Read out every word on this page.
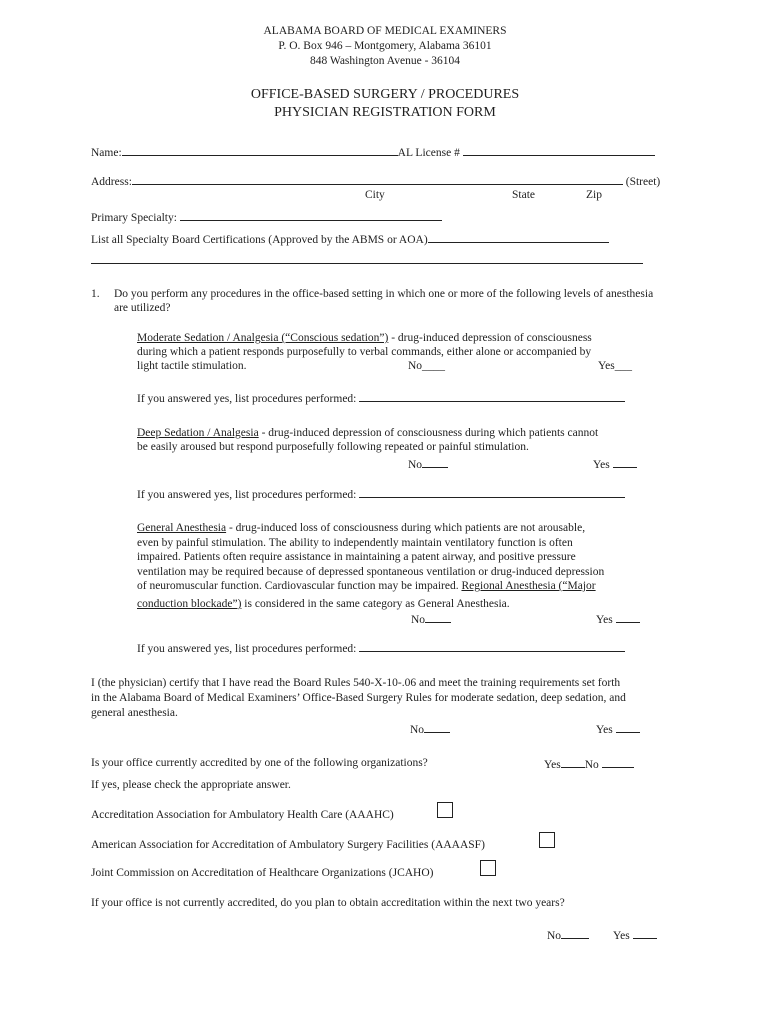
ALABAMA BOARD OF MEDICAL EXAMINERS
P. O. Box 946 – Montgomery, Alabama 36101
848 Washington Avenue - 36104
OFFICE-BASED SURGERY / PROCEDURES
PHYSICIAN REGISTRATION FORM
Name:	AL License #
Address:	(Street)
City	State	Zip
Primary Specialty:
List all Specialty Board Certifications (Approved by the ABMS or AOA)
1. Do you perform any procedures in the office-based setting in which one or more of the following levels of anesthesia
are utilized?
Moderate Sedation / Analgesia (“Conscious sedation”) - drug-induced depression of consciousness
during which a patient responds purposefully to verbal commands, either alone or accompanied by
light tactile stimulation.	No____	Yes___
If you answered yes, list procedures performed:
Deep Sedation / Analgesia - drug-induced depression of consciousness during which patients cannot
be easily aroused but respond purposefully following repeated or painful stimulation.
No	Yes
If you answered yes, list procedures performed:
General Anesthesia - drug-induced loss of consciousness during which patients are not arousable,
even by painful stimulation. The ability to independently maintain ventilatory function is often
impaired. Patients often require assistance in maintaining a patent airway, and positive pressure
ventilation may be required because of depressed spontaneous ventilation or drug-induced depression
of neuromuscular function. Cardiovascular function may be impaired. Regional Anesthesia (“Major
conduction blockade”) is considered in the same category as General Anesthesia.
No	Yes
If you answered yes, list procedures performed:
I (the physician) certify that I have read the Board Rules 540-X-10-.06 and meet the training requirements set forth
in the Alabama Board of Medical Examiners’ Office-Based Surgery Rules for moderate sedation, deep sedation, and
general anesthesia.
No	Yes
Is your office currently accredited by one of the following organizations?	Yes No
If yes, please check the appropriate answer.
Accreditation Association for Ambulatory Health Care (AAAHC)
American Association for Accreditation of Ambulatory Surgery Facilities (AAAASF)
Joint Commission on Accreditation of Healthcare Organizations (JCAHO)
If your office is not currently accredited, do you plan to obtain accreditation within the next two years?
No	Yes
